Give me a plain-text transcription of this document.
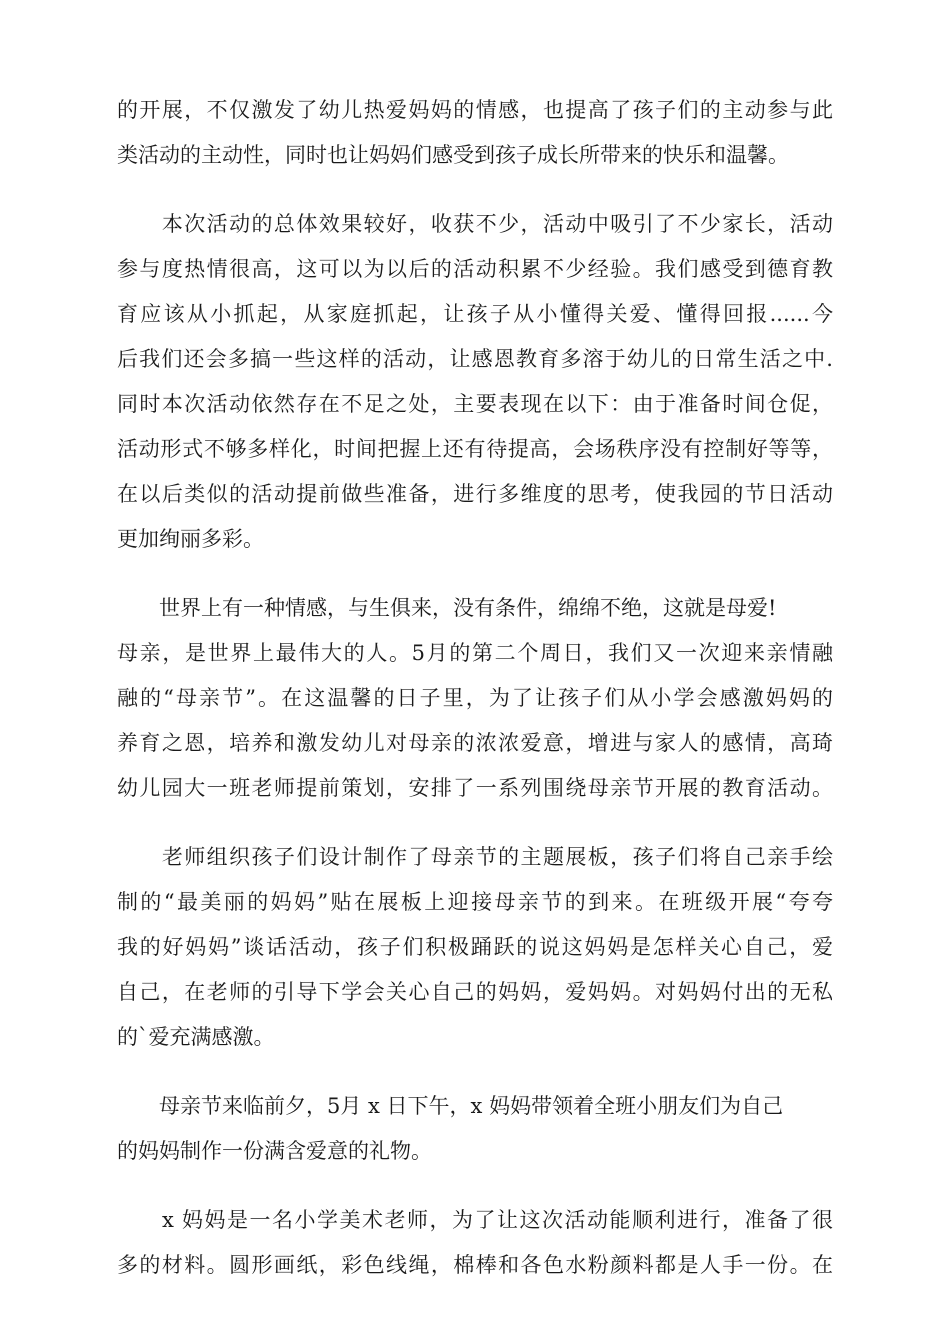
的开展，不仅激发了幼儿热爱妈妈的情感，也提高了孩子们的主动参与此
类活动的主动性，同时也让妈妈们感受到孩子成长所带来的快乐和温馨。
　　本次活动的总体效果较好，收获不少，活动中吸引了不少家长，活动
参与度热情很高，这可以为以后的活动积累不少经验。我们感受到德育教
育应该从小抓起，从家庭抓起，让孩子从小懂得关爱、懂得回报......今
后我们还会多搞一些这样的活动，让感恩教育多溶于幼儿的日常生活之中.
同时本次活动依然存在不足之处，主要表现在以下：由于准备时间仓促，
活动形式不够多样化，时间把握上还有待提高，会场秩序没有控制好等等，
在以后类似的活动提前做些准备，进行多维度的思考，使我园的节日活动
更加绚丽多彩。
　　世界上有一种情感，与生俱来，没有条件，绵绵不绝，这就是母爱!
母亲，是世界上最伟大的人。5月的第二个周日，我们又一次迎来亲情融
融的“母亲节”。在这温馨的日子里，为了让孩子们从小学会感激妈妈的
养育之恩，培养和激发幼儿对母亲的浓浓爱意，增进与家人的感情，高琦
幼儿园大一班老师提前策划，安排了一系列围绕母亲节开展的教育活动。
　　老师组织孩子们设计制作了母亲节的主题展板，孩子们将自己亲手绘
制的“最美丽的妈妈”贴在展板上迎接母亲节的到来。在班级开展“夸夸
我的好妈妈”谈话活动，孩子们积极踊跃的说这妈妈是怎样关心自己，爱
自己，在老师的引导下学会关心自己的妈妈，爱妈妈。对妈妈付出的无私
的`爱充满感激。
　　母亲节来临前夕，5月 x 日下午，x 妈妈带领着全班小朋友们为自己
的妈妈制作一份满含爱意的礼物。
　　x 妈妈是一名小学美术老师，为了让这次活动能顺利进行，准备了很
多的材料。圆形画纸，彩色线绳，棉棒和各色水粉颜料都是人手一份。在
